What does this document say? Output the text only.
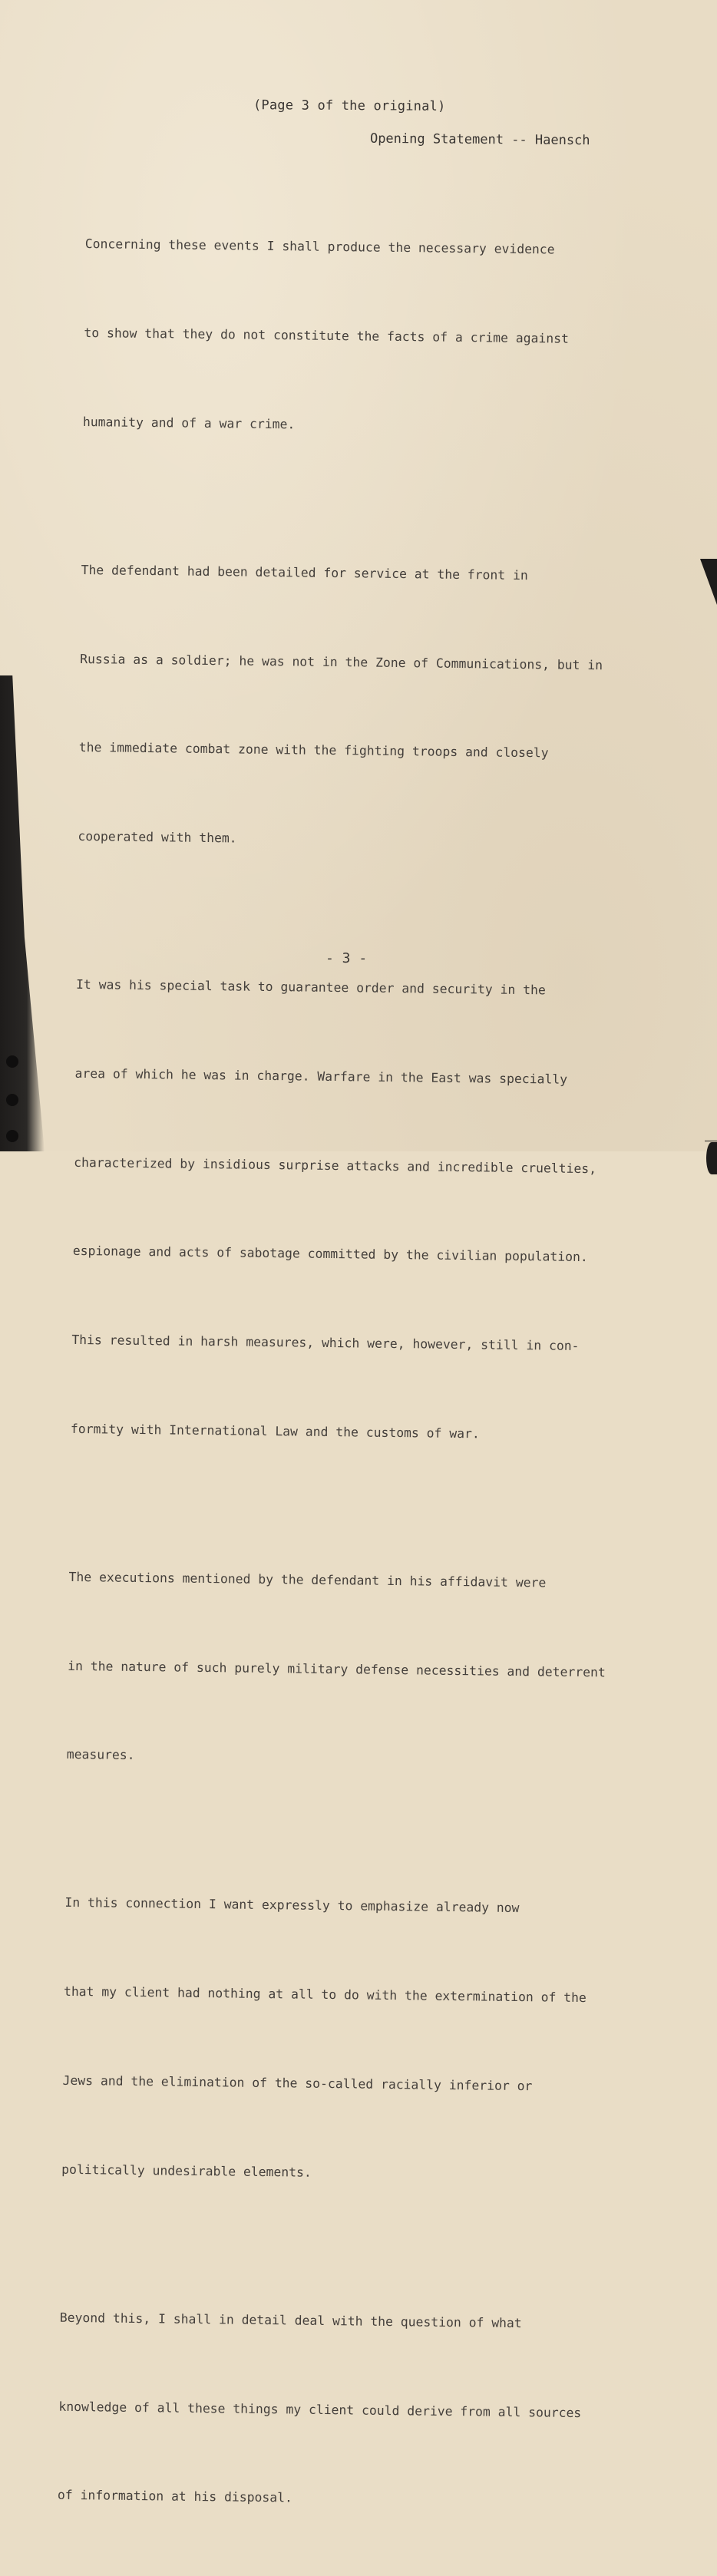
(Page 3 of the original)
Opening Statement -- Haensch

Concerning these events I shall produce the necessary evidence

to show that they do not constitute the facts of a crime against

humanity and of a war crime.

The defendant had been detailed for service at the front in

Russia as a soldier; he was not in the Zone of Communications, but in

the immediate combat zone with the fighting troops and closely

cooperated with them.

It was his special task to guarantee order and security in the

area of which he was in charge. Warfare in the East was specially

characterized by insidious surprise attacks and incredible cruelties,

espionage and acts of sabotage committed by the civilian population.

This resulted in harsh measures, which were, however, still in con-

formity with International Law and the customs of war.

The executions mentioned by the defendant in his affidavit were

in the nature of such purely military defense necessities and deterrent

measures.

In this connection I want expressly to emphasize already now

that my client had nothing at all to do with the extermination of the

Jews and the elimination of the so-called racially inferior or

politically undesirable elements.

Beyond this, I shall in detail deal with the question of what

knowledge of all these things my client could derive from all sources

of information at his disposal.

- 3 -
